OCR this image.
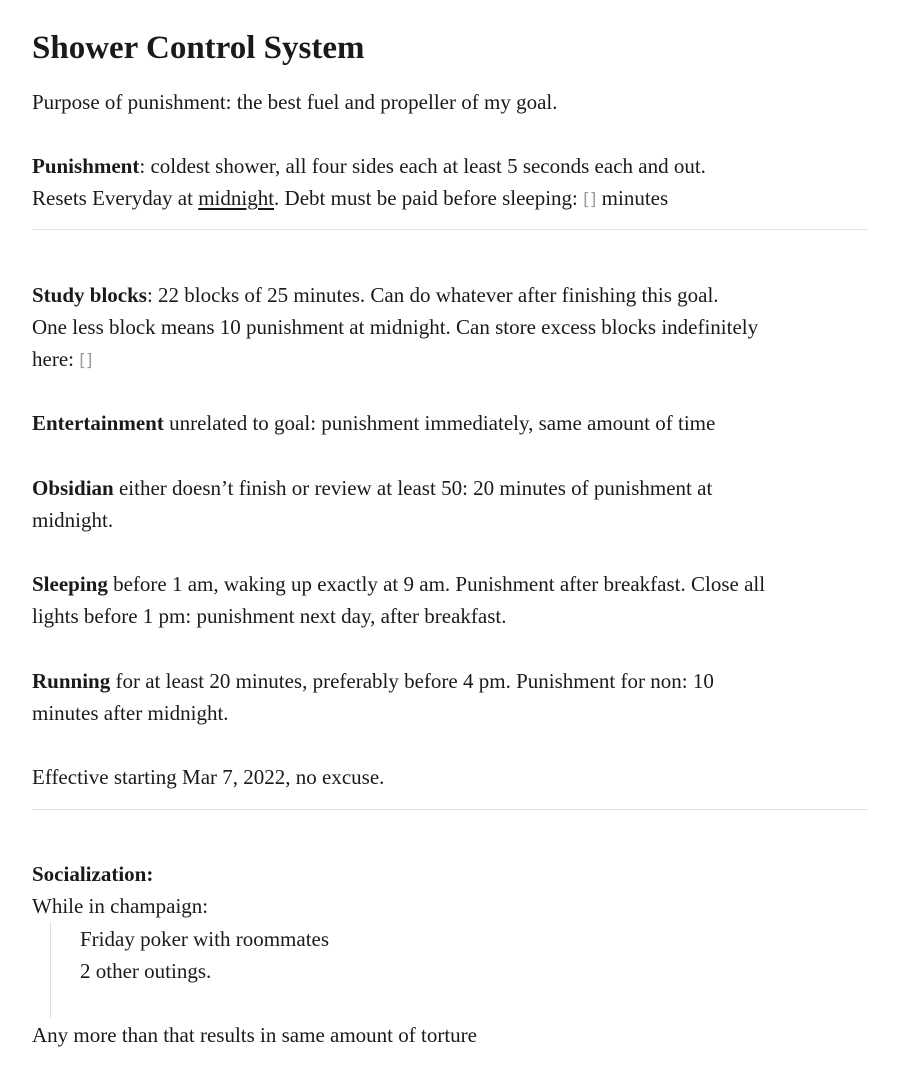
Shower Control System
Purpose of punishment: the best fuel and propeller of my goal.
Punishment: coldest shower, all four sides each at least 5 seconds each and out.
Resets Everyday at midnight. Debt must be paid before sleeping: [] minutes
Study blocks: 22 blocks of 25 minutes. Can do whatever after finishing this goal.
One less block means 10 punishment at midnight. Can store excess blocks indefinitely
here: []
Entertainment unrelated to goal: punishment immediately, same amount of time
Obsidian either doesn’t finish or review at least 50: 20 minutes of punishment at
midnight.
Sleeping before 1 am, waking up exactly at 9 am. Punishment after breakfast. Close all
lights before 1 pm: punishment next day, after breakfast.
Running for at least 20 minutes, preferably before 4 pm. Punishment for non: 10
minutes after midnight.
Effective starting Mar 7, 2022, no excuse.
Socialization:
While in champaign:
Friday poker with roommates
2 other outings.
Any more than that results in same amount of torture
